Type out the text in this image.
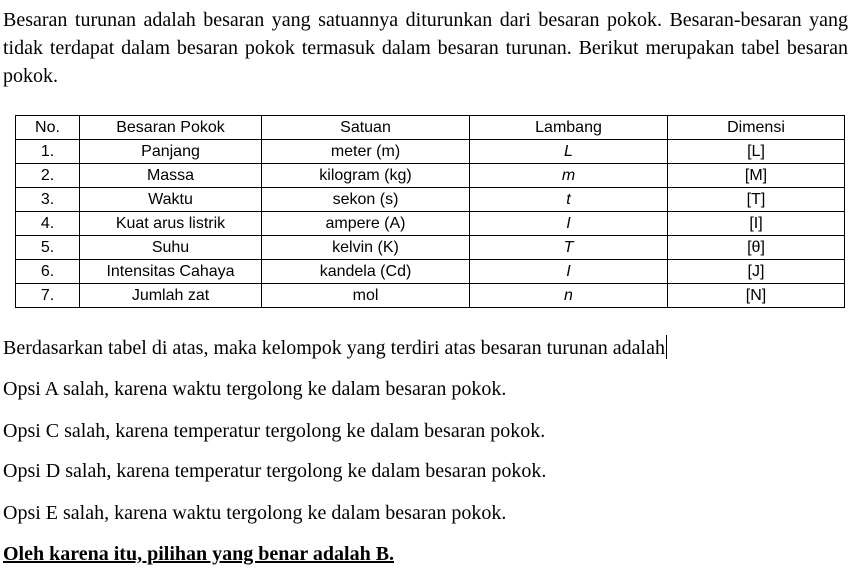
Besaran turunan adalah besaran yang satuannya diturunkan dari besaran pokok. Besaran-besaran yang tidak terdapat dalam besaran pokok termasuk dalam besaran turunan. Berikut merupakan tabel besaran pokok.

No.	Besaran Pokok	Satuan	Lambang	Dimensi
1.	Panjang	meter (m)	L	[L]
2.	Massa	kilogram (kg)	m	[M]
3.	Waktu	sekon (s)	t	[T]
4.	Kuat arus listrik	ampere (A)	I	[I]
5.	Suhu	kelvin (K)	T	[θ]
6.	Intensitas Cahaya	kandela (Cd)	I	[J]
7.	Jumlah zat	mol	n	[N]

Berdasarkan tabel di atas, maka kelompok yang terdiri atas besaran turunan adalah

Opsi A salah, karena waktu tergolong ke dalam besaran pokok.

Opsi C salah, karena temperatur tergolong ke dalam besaran pokok.

Opsi D salah, karena temperatur tergolong ke dalam besaran pokok.

Opsi E salah, karena waktu tergolong ke dalam besaran pokok.

Oleh karena itu, pilihan yang benar adalah B.
